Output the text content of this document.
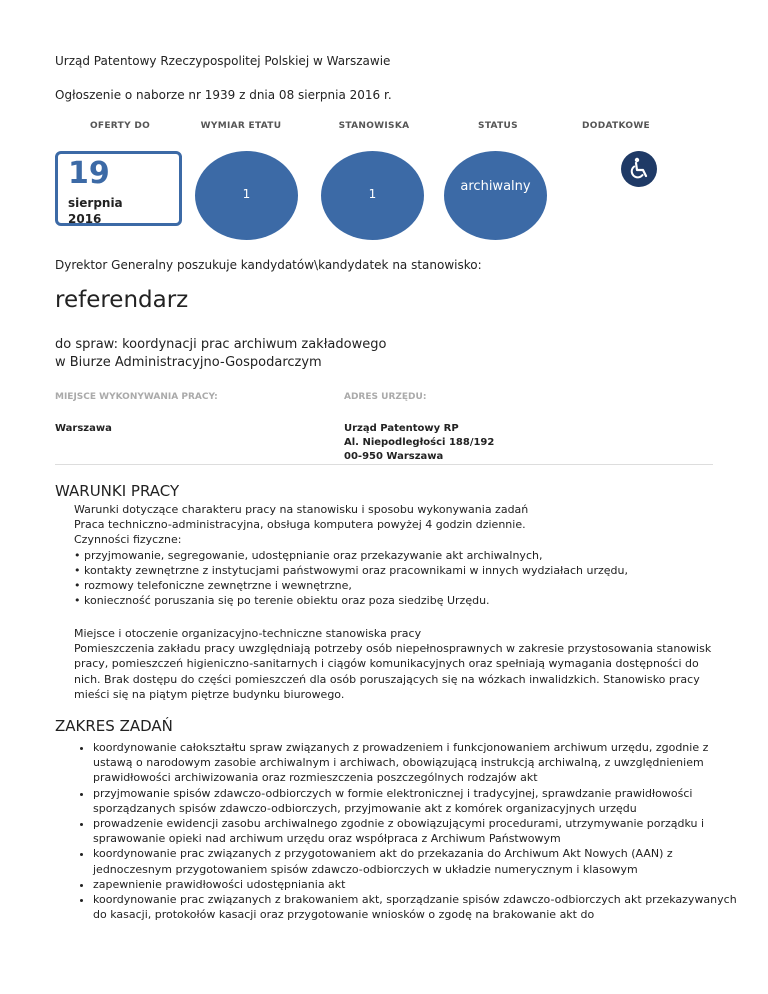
Urząd Patentowy Rzeczypospolitej Polskiej w Warszawie
Ogłoszenie o naborze nr 1939 z dnia 08 sierpnia 2016 r.
OFERTY DO	WYMIAR ETATU	STANOWISKA	STATUS	DODATKOWE
19
sierpnia
2016
1	1	archiwalny
Dyrektor Generalny poszukuje kandydatów\kandydatek na stanowisko:
referendarz
do spraw: koordynacji prac archiwum zakładowego
w Biurze Administracyjno-Gospodarczym
MIEJSCE WYKONYWANIA PRACY:	ADRES URZĘDU:
Warszawa	Urząd Patentowy RP
Al. Niepodległości 188/192
00-950 Warszawa
WARUNKI PRACY
Warunki dotyczące charakteru pracy na stanowisku i sposobu wykonywania zadań
Praca techniczno-administracyjna, obsługa komputera powyżej 4 godzin dziennie.
Czynności fizyczne:
• przyjmowanie, segregowanie, udostępnianie oraz przekazywanie akt archiwalnych,
• kontakty zewnętrzne z instytucjami państwowymi oraz pracownikami w innych wydziałach urzędu,
• rozmowy telefoniczne zewnętrzne i wewnętrzne,
• konieczność poruszania się po terenie obiektu oraz poza siedzibę Urzędu.
Miejsce i otoczenie organizacyjno-techniczne stanowiska pracy
Pomieszczenia zakładu pracy uwzględniają potrzeby osób niepełnosprawnych w zakresie przystosowania stanowisk pracy, pomieszczeń higieniczno-sanitarnych i ciągów komunikacyjnych oraz spełniają wymagania dostępności do nich. Brak dostępu do części pomieszczeń dla osób poruszających się na wózkach inwalidzkich. Stanowisko pracy mieści się na piątym piętrze budynku biurowego.
ZAKRES ZADAŃ
• koordynowanie całokształtu spraw związanych z prowadzeniem i funkcjonowaniem archiwum urzędu, zgodnie z ustawą o narodowym zasobie archiwalnym i archiwach, obowiązującą instrukcją archiwalną, z uwzględnieniem prawidłowości archiwizowania oraz rozmieszczenia poszczególnych rodzajów akt
• przyjmowanie spisów zdawczo-odbiorczych w formie elektronicznej i tradycyjnej, sprawdzanie prawidłowości sporządzanych spisów zdawczo-odbiorczych, przyjmowanie akt z komórek organizacyjnych urzędu
• prowadzenie ewidencji zasobu archiwalnego zgodnie z obowiązującymi procedurami, utrzymywanie porządku i sprawowanie opieki nad archiwum urzędu oraz współpraca z Archiwum Państwowym
• koordynowanie prac związanych z przygotowaniem akt do przekazania do Archiwum Akt Nowych (AAN) z jednoczesnym przygotowaniem spisów zdawczo-odbiorczych w układzie numerycznym i klasowym
• zapewnienie prawidłowości udostępniania akt
• koordynowanie prac związanych z brakowaniem akt, sporządzanie spisów zdawczo-odbiorczych akt przekazywanych do kasacji, protokołów kasacji oraz przygotowanie wniosków o zgodę na brakowanie akt do
